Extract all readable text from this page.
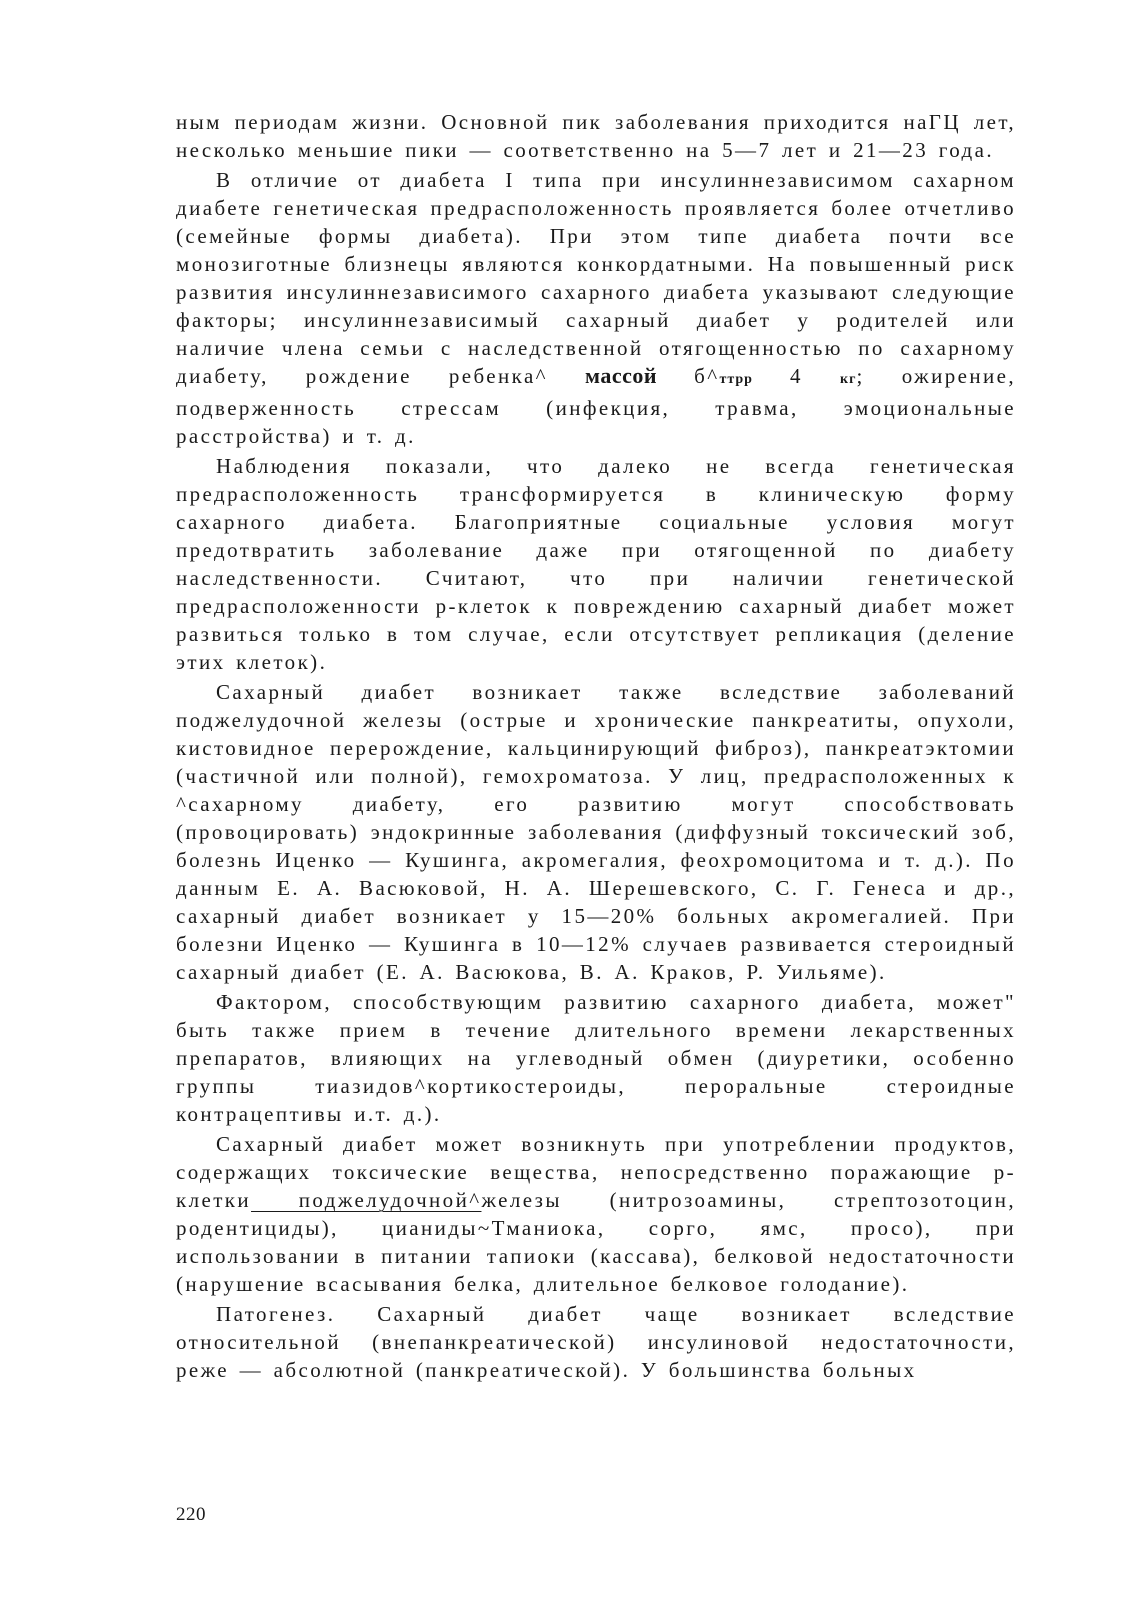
ным периодам жизни. Основной пик заболевания приходится наГЦ лет, несколько меньшие пики — соответственно на 5—7 лет и 21—23 года.

В отличие от диабета I типа при инсулиннезависимом сахарном диабете генетическая предрасположенность проявляется более отчетливо (семейные формы диабета). При этом типе диабета почти все монозиготные близнецы являются конкордатными. На повышенный риск развития инсулиннезависимого сахарного диабета указывают следующие факторы; инсулиннезависимый сахарный диабет у родителей или наличие члена семьи с наследственной отягощенностью по сахарному диабету, рождение ребенка^ массой б^ттрр 4 кг; ожирение, подверженность стрессам (инфекция, травма, эмоциональные расстройства) и т. д.

Наблюдения показали, что далеко не всегда генетическая предрасположенность трансформируется в клиническую форму сахарного диабета. Благоприятные социальные условия могут предотвратить заболевание даже при отягощенной по диабету наследственности. Считают, что при наличии генетической предрасположенности р-клеток к повреждению сахарный диабет может развиться только в том случае, если отсутствует репликация (деление этих клеток).

Сахарный диабет возникает также вследствие заболеваний поджелудочной железы (острые и хронические панкреатиты, опухоли, кистовидное перерождение, кальцинирующий фиброз), панкреатэктомии (частичной или полной), гемохроматоза. У лиц, предрасположенных к ^сахарному диабету, его развитию могут способствовать (провоцировать) эндокринные заболевания (диффузный токсический зоб, болезнь Иценко — Кушинга, акромегалия, феохромоцитома и т. д.). По данным Е. А. Васюковой, Н. А. Шерешевского, С. Г. Генеса и др., сахарный диабет возникает у 15—20% больных акромегалией. При болезни Иценко — Кушинга в 10—12% случаев развивается стероидный сахарный диабет (Е. А. Васюкова, В. А. Краков, Р. Уильяме).

Фактором, способствующим развитию сахарного диабета, может" быть также прием в течение длительного времени лекарственных препаратов, влияющих на углеводный обмен (диуретики, особенно группы тиазидов^кортикостероиды, пероральные стероидные контрацептивы и.т. д.).

Сахарный диабет может возникнуть при употреблении продуктов, содержащих токсические вещества, непосредственно поражающие р-клетки поджелудочной^железы (нитрозоамины, стрептозотоцин, родентициды), цианиды~Тманиока, сорго, ямс, просо), при использовании в питании тапиоки (кассава), белковой недостаточности (нарушение всасывания белка, длительное белковое голодание).

Патогенез. Сахарный диабет чаще возникает вследствие относительной (внепанкреатической) инсулиновой недостаточности, реже — абсолютной (панкреатической). У большинства больных

220
